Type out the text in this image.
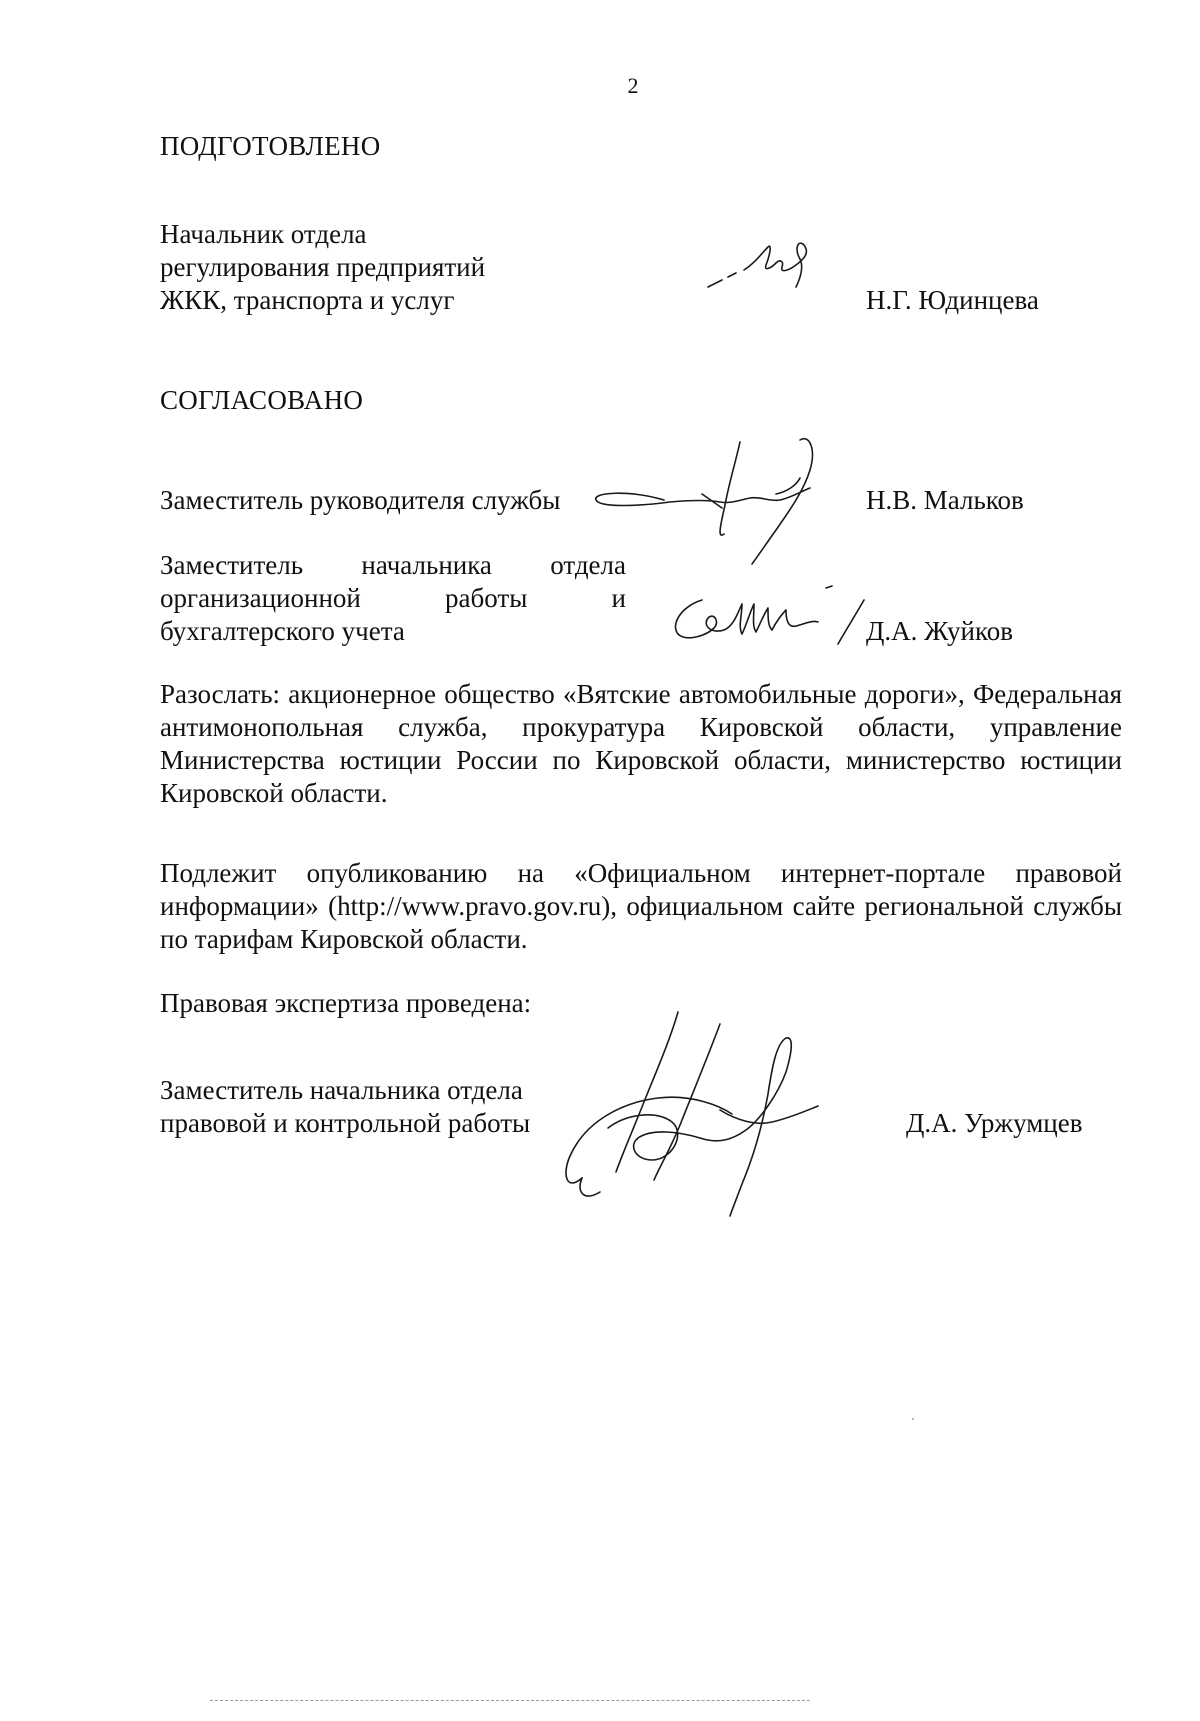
2
ПОДГОТОВЛЕНО
Начальник отдела
регулирования предприятий
ЖКК, транспорта и услуг	Н.Г. Юдинцева
СОГЛАСОВАНО
Заместитель руководителя службы	Н.В. Мальков
Заместитель начальника отдела организационной работы и бухгалтерского учета	Д.А. Жуйков
Разослать: акционерное общество «Вятские автомобильные дороги», Федеральная антимонопольная служба, прокуратура Кировской области, управление Министерства юстиции России по Кировской области, министерство юстиции Кировской области.
Подлежит опубликованию на «Официальном интернет-портале правовой информации» (http://www.pravo.gov.ru), официальном сайте региональной службы по тарифам Кировской области.
Правовая экспертиза проведена:
Заместитель начальника отдела
правовой и контрольной работы	Д.А. Уржумцев
